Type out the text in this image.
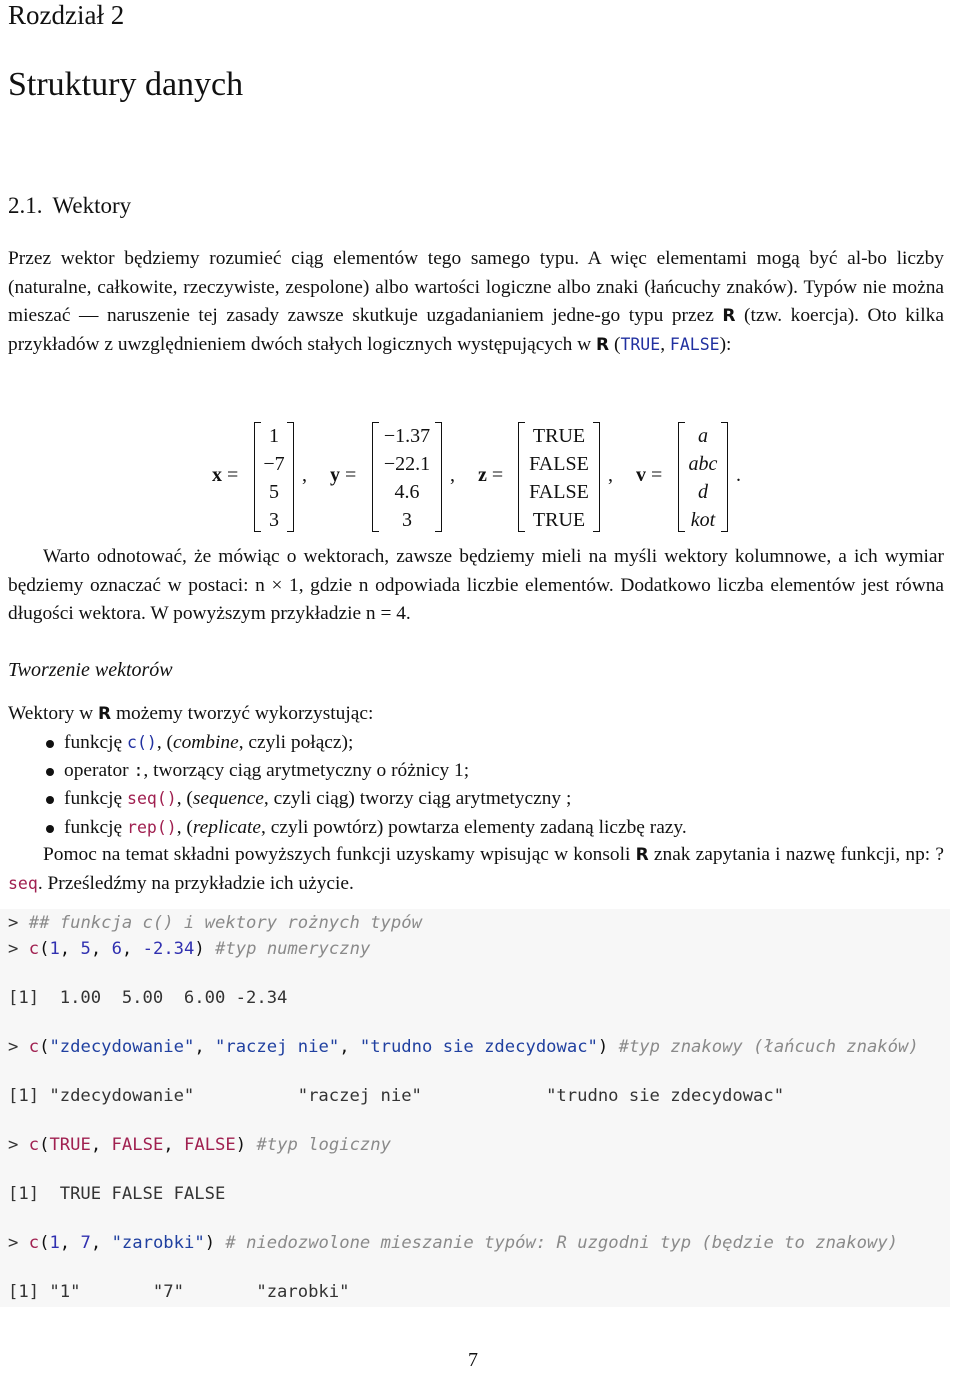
Rozdział 2
Struktury danych
2.1. Wektory
Przez wektor będziemy rozumieć ciąg elementów tego samego typu. A więc elementami mogą być al-bo liczby (naturalne, całkowite, rzeczywiste, zespolone) albo wartości logiczne albo znaki (łańcuchy znaków). Typów nie można mieszać — naruszenie tej zasady zawsze skutkuje uzgadanianiem jedne-go typu przez R (tzw. koercja). Oto kilka przykładów z uwzględnieniem dwóch stałych logicznych występujących w R (TRUE, FALSE):
x =
1
−7
5
3
, y =
−1.37
−22.1
4.6
3
, z =
TRUE
FALSE
FALSE
TRUE
, v =
a
abc
d
kot
.
Warto odnotować, że mówiąc o wektorach, zawsze będziemy mieli na myśli wektory kolumnowe, a ich wymiar będziemy oznaczać w postaci: n × 1, gdzie n odpowiada liczbie elementów. Dodatkowo liczba elementów jest równa długości wektora. W powyższym przykładzie n = 4.
Tworzenie wektorów
Wektory w R możemy tworzyć wykorzystując:
funkcję c(), (combine, czyli połącz);
operator :, tworzący ciąg arytmetyczny o różnicy 1;
funkcję seq(), (sequence, czyli ciąg) tworzy ciąg arytmetyczny ;
funkcję rep(), (replicate, czyli powtórz) powtarza elementy zadaną liczbę razy.
Pomoc na temat składni powyższych funkcji uzyskamy wpisując w konsoli R znak zapytania i nazwę funkcji, np: ?seq. Prześledźmy na przykładzie ich użycie.
> ## funkcja c() i wektory rożnych typów
> c(1, 5, 6, -2.34) #typ numeryczny
[1]  1.00  5.00  6.00 -2.34
> c("zdecydowanie", "raczej nie", "trudno sie zdecydowac") #typ znakowy (łańcuch znaków)
[1] "zdecydowanie"          "raczej nie"            "trudno sie zdecydowac"
> c(TRUE, FALSE, FALSE) #typ logiczny
[1]  TRUE FALSE FALSE
> c(1, 7, "zarobki") # niedozwolone mieszanie typów: R uzgodni typ (będzie to znakowy)
[1] "1"       "7"       "zarobki"
7
